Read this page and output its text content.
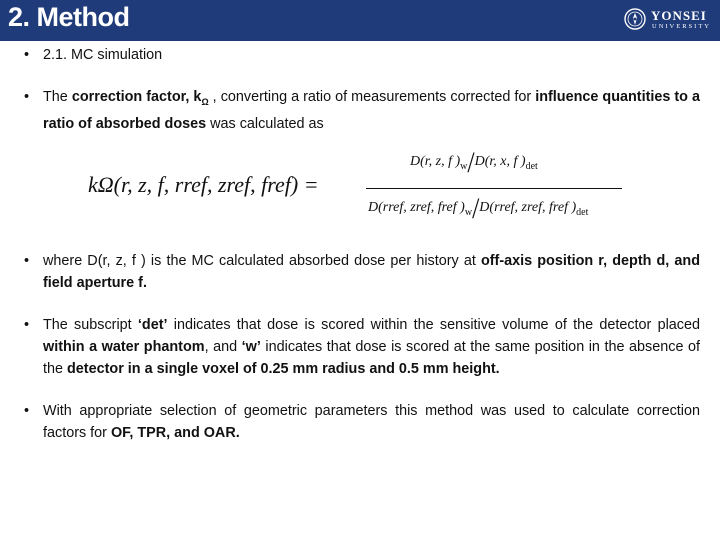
2. Method	YONSEI
UNIVERSITY
• 2.1. MC simulation
• The correction factor, $k_\Omega$ , converting a ratio of measurements corrected for influence quantities to a ratio of absorbed doses was calculated as
• where D(r, z, f ) is the MC calculated absorbed dose per history at off-axis position r, depth d, and field aperture f.
• The subscript ‘det’ indicates that dose is scored within the sensitive volume of the detector placed within a water phantom, and ‘w’ indicates that dose is scored at the same position in the absence of the detector in a single voxel of 0.25 mm radius and 0.5 mm height.
• With appropriate selection of geometric parameters this method was used to calculate correction factors for OF, TPR, and OAR.
kΩ(r, z, f, rref, zref, fref) =
D(r, z, f )$_w/D(r$, x, f )$_{det}$
D(rref, zref, fref )$_w/D(rref$, zref, fref )$_{det}$
